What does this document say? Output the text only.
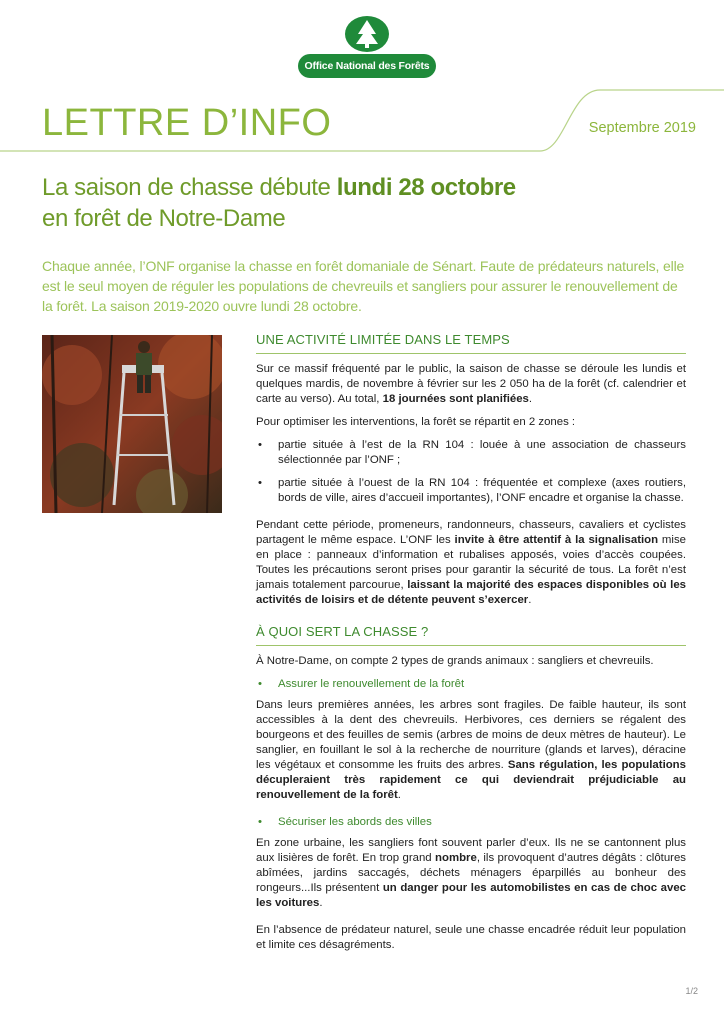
Office National des Forêts
LETTRE D’INFO	Septembre 2019
La saison de chasse débute lundi 28 octobre
en forêt de Notre-Dame
Chaque année, l’ONF organise la chasse en forêt domaniale de Sénart. Faute de prédateurs naturels, elle est le seul moyen de réguler les populations de chevreuils et sangliers pour assurer le renouvellement de la forêt. La saison 2019-2020 ouvre lundi 28 octobre.
UNE ACTIVITÉ LIMITÉE DANS LE TEMPS

Sur ce massif fréquenté par le public, la saison de chasse se déroule les lundis et quelques mardis, de novembre à février sur les 2 050 ha de la forêt (cf. calendrier et carte au verso). Au total, 18 journées sont planifiées.

Pour optimiser les interventions, la forêt se répartit en 2 zones :

• partie située à l’est de la RN 104 : louée à une association de chasseurs sélectionnée par l’ONF ;
• partie située à l’ouest de la RN 104 : fréquentée et complexe (axes routiers, bords de ville, aires d’accueil importantes), l’ONF encadre et organise la chasse.

Pendant cette période, promeneurs, randonneurs, chasseurs, cavaliers et cyclistes partagent le même espace. L’ONF les invite à être attentif à la signalisation mise en place : panneaux d’information et rubalises apposés, voies d’accès coupées. Toutes les précautions seront prises pour garantir la sécurité de tous. La forêt n’est jamais totalement parcourue, laissant la majorité des espaces disponibles où les activités de loisirs et de détente peuvent s’exercer.

À QUOI SERT LA CHASSE ?

À Notre-Dame, on compte 2 types de grands animaux : sangliers et chevreuils.

• Assurer le renouvellement de la forêt

Dans leurs premières années, les arbres sont fragiles. De faible hauteur, ils sont accessibles à la dent des chevreuils. Herbivores, ces derniers se régalent des bourgeons et des feuilles de semis (arbres de moins de deux mètres de hauteur). Le sanglier, en fouillant le sol à la recherche de nourriture (glands et larves), déracine les végétaux et consomme les fruits des arbres. Sans régulation, les populations décupleraient très rapidement ce qui deviendrait préjudiciable au renouvellement de la forêt.

• Sécuriser les abords des villes

En zone urbaine, les sangliers font souvent parler d’eux. Ils ne se cantonnent plus aux lisières de forêt. En trop grand nombre, ils provoquent d’autres dégâts : clôtures abîmées, jardins saccagés, déchets ménagers éparpillés au bonheur des rongeurs...Ils présentent un danger pour les automobilistes en cas de choc avec les voitures.

En l’absence de prédateur naturel, seule une chasse encadrée réduit leur population et limite ces désagréments.

1/2
